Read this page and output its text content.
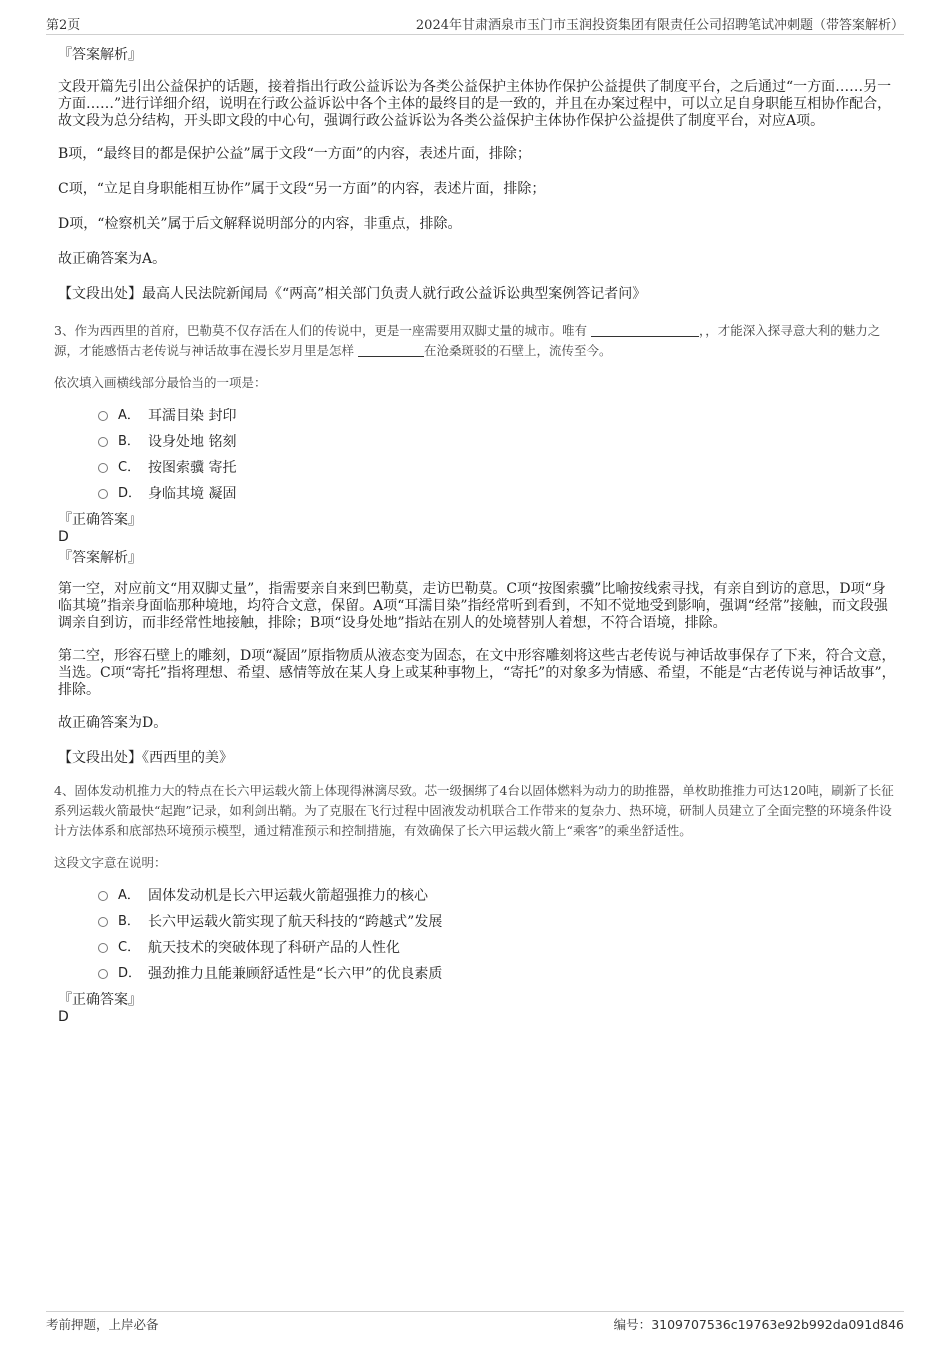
第2页	2024年甘肃酒泉市玉门市玉润投资集团有限责任公司招聘笔试冲刺题（带答案解析）

『答案解析』

文段开篇先引出公益保护的话题，接着指出行政公益诉讼为各类公益保护主体协作保护公益提供了制度平台，之后通过“一方面……另一方面……”进行详细介绍，说明在行政公益诉讼中各个主体的最终目的是一致的，并且在办案过程中，可以立足自身职能互相协作配合，故文段为总分结构，开头即文段的中心句，强调行政公益诉讼为各类公益保护主体协作保护公益提供了制度平台，对应A项。

B项，“最终目的都是保护公益”属于文段“一方面”的内容，表述片面，排除；

C项，“立足自身职能相互协作”属于文段“另一方面”的内容，表述片面，排除；

D项，“检察机关”属于后文解释说明部分的内容，非重点，排除。

故正确答案为A。

【文段出处】最高人民法院新闻局《“两高”相关部门负责人就行政公益诉讼典型案例答记者问》

3、作为西西里的首府，巴勒莫不仅存活在人们的传说中，更是一座需要用双脚丈量的城市。唯有	，，才能深入探寻意大利的魅力之源，才能感悟古老传说与神话故事在漫长岁月里是怎样	在沧桑斑驳的石壁上，流传至今。

依次填入画横线部分最恰当的一项是：

A． 耳濡目染 封印
B． 设身处地 铭刻
C． 按图索骥 寄托
D． 身临其境 凝固

『正确答案』

D

『答案解析』

第一空，对应前文“用双脚丈量”，指需要亲自来到巴勒莫，走访巴勒莫。C项“按图索骥”比喻按线索寻找，有亲自到访的意思，D项“身临其境”指亲身面临那种境地，均符合文意，保留。A项“耳濡目染”指经常听到看到，不知不觉地受到影响，强调“经常”接触，而文段强调亲自到访，而非经常性地接触，排除；B项“设身处地”指站在别人的处境替别人着想，不符合语境，排除。

第二空，形容石壁上的雕刻，D项“凝固”原指物质从液态变为固态，在文中形容雕刻将这些古老传说与神话故事保存了下来，符合文意，当选。C项“寄托”指将理想、希望、感情等放在某人身上或某种事物上，“寄托”的对象多为情感、希望，不能是“古老传说与神话故事”，排除。

故正确答案为D。

【文段出处】《西西里的美》

4、固体发动机推力大的特点在长六甲运载火箭上体现得淋漓尽致。芯一级捆绑了4台以固体燃料为动力的助推器，单枚助推推力可达120吨，刷新了长征系列运载火箭最快“起跑”记录，如利剑出鞘。为了克服在飞行过程中固液发动机联合工作带来的复杂力、热环境，研制人员建立了全面完整的环境条件设计方法体系和底部热环境预示模型，通过精准预示和控制措施，有效确保了长六甲运载火箭上“乘客”的乘坐舒适性。

这段文字意在说明：

A． 固体发动机是长六甲运载火箭超强推力的核心
B． 长六甲运载火箭实现了航天科技的“跨越式”发展
C． 航天技术的突破体现了科研产品的人性化
D． 强劲推力且能兼顾舒适性是“长六甲”的优良素质

『正确答案』

D

考前押题，上岸必备	编号：3109707536c19763e92b992da091d846
